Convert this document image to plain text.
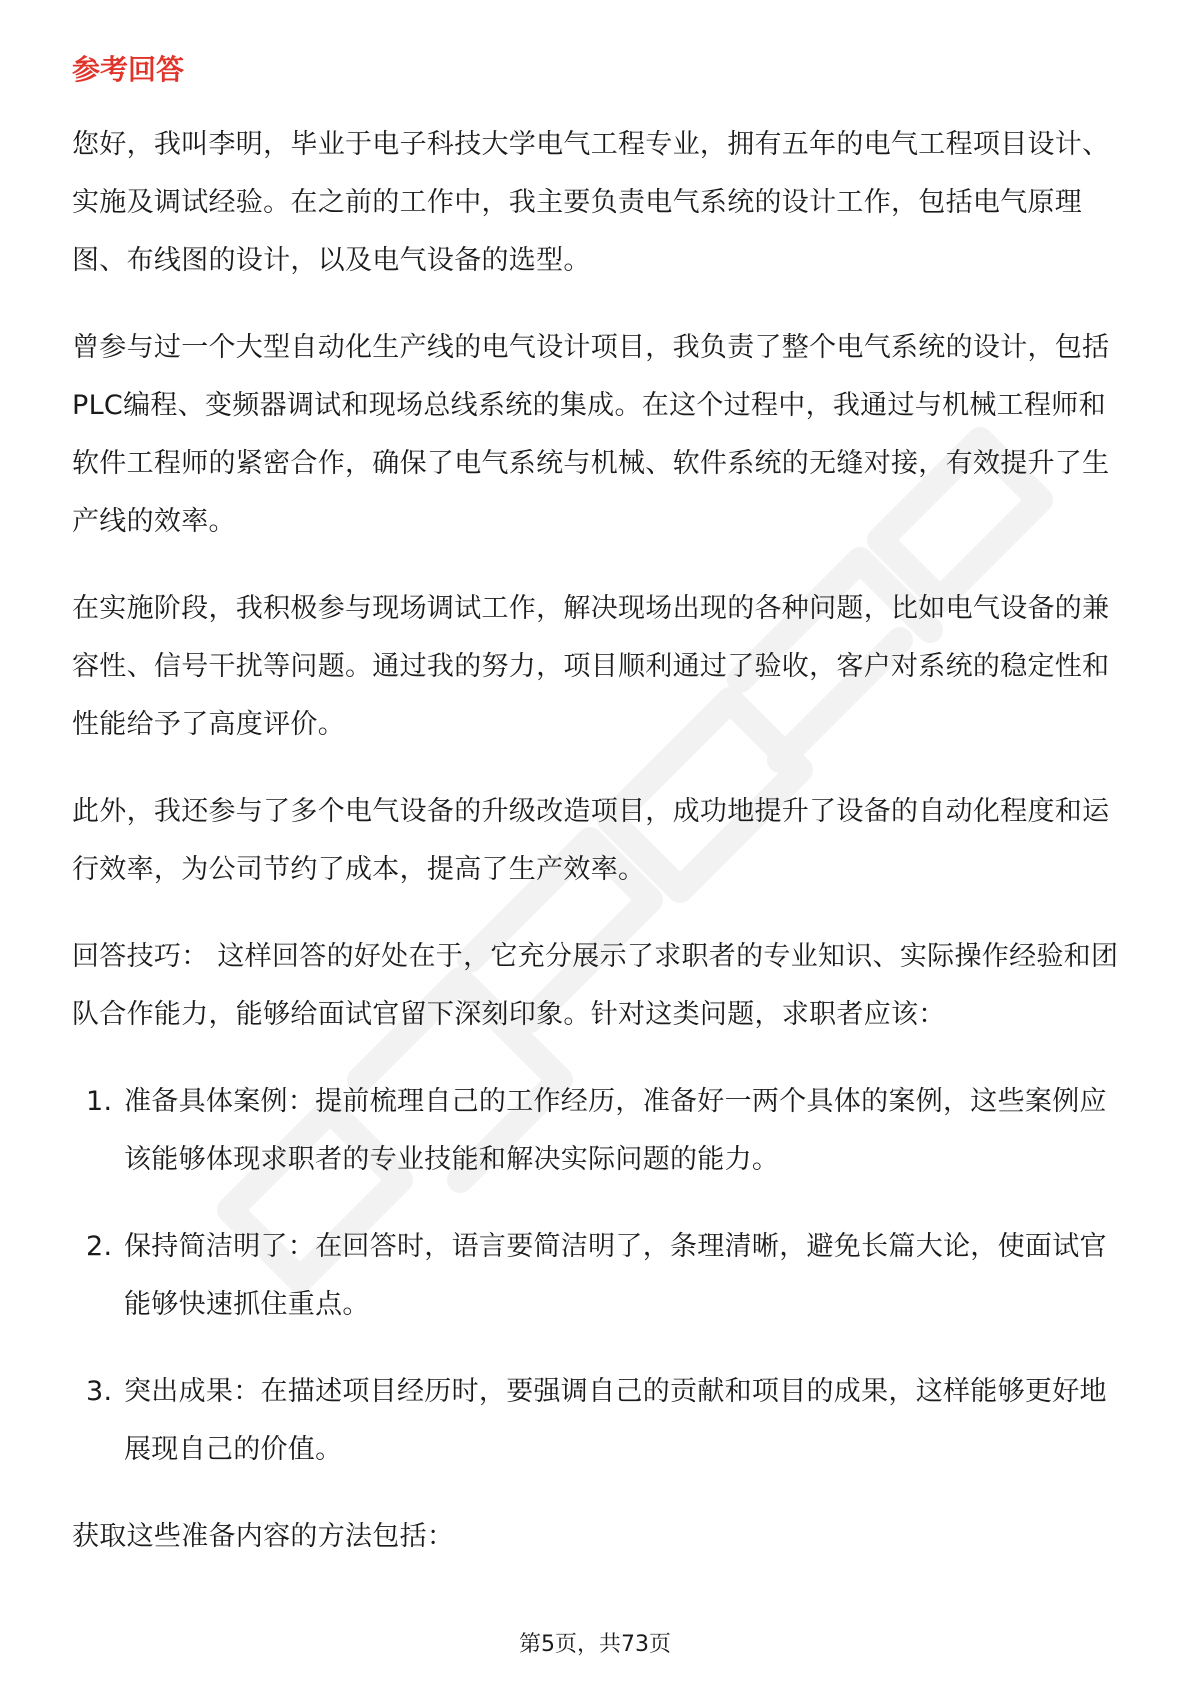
参考回答

您好，我叫李明，毕业于电子科技大学电气工程专业，拥有五年的电气工程项目设计、实施及调试经验。在之前的工作中，我主要负责电气系统的设计工作，包括电气原理图、布线图的设计，以及电气设备的选型。

曾参与过一个大型自动化生产线的电气设计项目，我负责了整个电气系统的设计，包括PLC编程、变频器调试和现场总线系统的集成。在这个过程中，我通过与机械工程师和软件工程师的紧密合作，确保了电气系统与机械、软件系统的无缝对接，有效提升了生产线的效率。

在实施阶段，我积极参与现场调试工作，解决现场出现的各种问题，比如电气设备的兼容性、信号干扰等问题。通过我的努力，项目顺利通过了验收，客户对系统的稳定性和性能给予了高度评价。

此外，我还参与了多个电气设备的升级改造项目，成功地提升了设备的自动化程度和运行效率，为公司节约了成本，提高了生产效率。

回答技巧： 这样回答的好处在于，它充分展示了求职者的专业知识、实际操作经验和团队合作能力，能够给面试官留下深刻印象。针对这类问题，求职者应该：

1. 准备具体案例：提前梳理自己的工作经历，准备好一两个具体的案例，这些案例应该能够体现求职者的专业技能和解决实际问题的能力。
2. 保持简洁明了：在回答时，语言要简洁明了，条理清晰，避免长篇大论，使面试官能够快速抓住重点。
3. 突出成果：在描述项目经历时，要强调自己的贡献和项目的成果，这样能够更好地展现自己的价值。

获取这些准备内容的方法包括：

第5页，共73页
